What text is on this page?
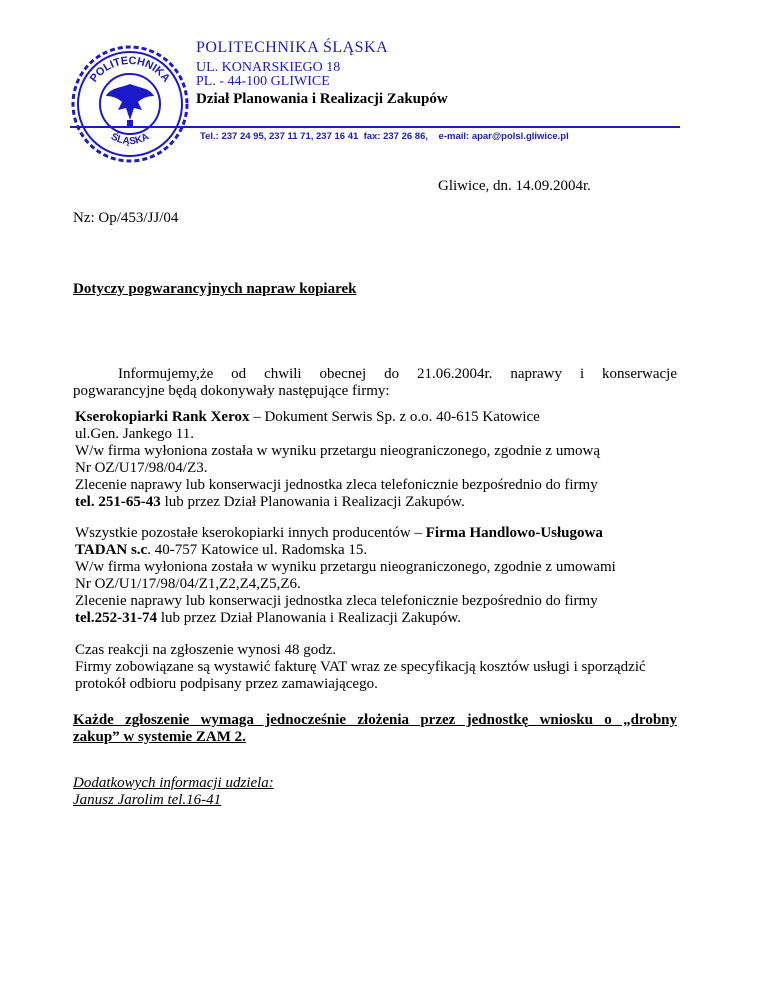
POLITECHNIKA
ŚLĄSKA
POLITECHNIKA ŚLĄSKA
UL. KONARSKIEGO 18
PL. - 44-100 GLIWICE
Dział Planowania i Realizacji Zakupów
Tel.: 237 24 95, 237 11 71, 237 16 41  fax: 237 26 86,    e-mail: apar@polsl.gliwice.pl
Gliwice, dn. 14.09.2004r.
Nz: Op/453/JJ/04
Dotyczy pogwarancyjnych napraw kopiarek
Informujemy,że od chwili obecnej do 21.06.2004r. naprawy i konserwacje
pogwarancyjne będą dokonywały następujące firmy:
Kserokopiarki Rank Xerox – Dokument Serwis Sp. z o.o. 40-615 Katowice
ul.Gen. Jankego 11.
W/w firma wyłoniona została w wyniku przetargu nieograniczonego, zgodnie z umową
Nr OZ/U17/98/04/Z3.
Zlecenie naprawy lub konserwacji jednostka zleca telefonicznie bezpośrednio do firmy
tel. 251-65-43 lub przez Dział Planowania i Realizacji Zakupów.
Wszystkie pozostałe kserokopiarki innych producentów – Firma Handlowo-Usługowa
TADAN s.c. 40-757 Katowice ul. Radomska 15.
W/w firma wyłoniona została w wyniku przetargu nieograniczonego, zgodnie z umowami
Nr OZ/U1/17/98/04/Z1,Z2,Z4,Z5,Z6.
Zlecenie naprawy lub konserwacji jednostka zleca telefonicznie bezpośrednio do firmy
tel.252-31-74 lub przez Dział Planowania i Realizacji Zakupów.
Czas reakcji na zgłoszenie wynosi 48 godz.
Firmy zobowiązane są wystawić fakturę VAT wraz ze specyfikacją kosztów usługi i sporządzić
protokół odbioru podpisany przez zamawiającego.
Każde zgłoszenie wymaga jednocześnie złożenia przez jednostkę wniosku o „drobny
zakup” w systemie ZAM 2.
Dodatkowych informacji udziela:
Janusz Jarolim tel.16-41
